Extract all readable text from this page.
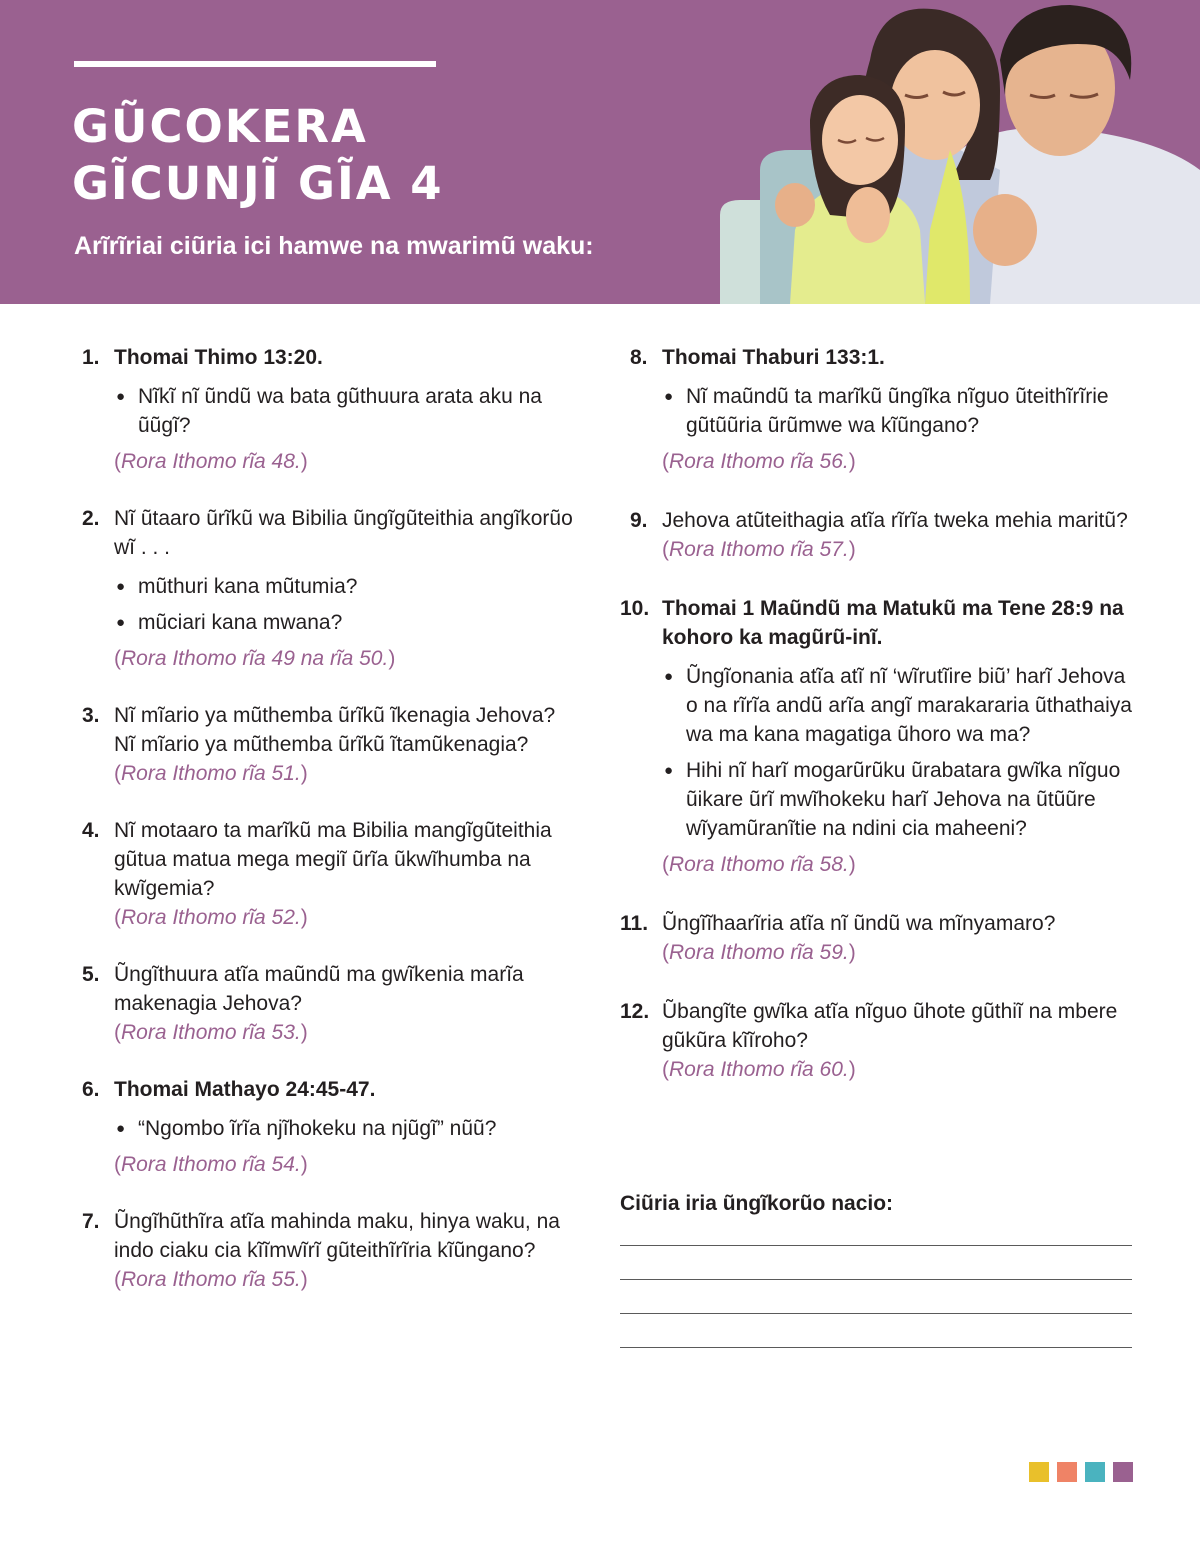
GŨCOKERA
GĨCUNJĨ GĨA 4
Arĩrĩriai ciũria ici hamwe na mwarimũ waku:
1. Thomai Thimo 13:20.
● Nĩkĩ nĩ ũndũ wa bata gũthuura arata aku na ũũgĩ?
(Rora Ithomo rĩa 48.)
2. Nĩ ũtaaro ũrĩkũ wa Bibilia ũngĩgũteithia angĩkorũo wĩ . . .
● mũthuri kana mũtumia?
● mũciari kana mwana?
(Rora Ithomo rĩa 49 na rĩa 50.)
3. Nĩ mĩario ya mũthemba ũrĩkũ ĩkenagia Jehova? Nĩ mĩario ya mũthemba ũrĩkũ ĩtamũkenagia?
(Rora Ithomo rĩa 51.)
4. Nĩ motaaro ta marĩkũ ma Bibilia mangĩgũteithia gũtua matua mega megiĩ ũrĩa ũkwĩhumba na kwĩgemia?
(Rora Ithomo rĩa 52.)
5. Ũngĩthuura atĩa maũndũ ma gwĩkenia marĩa makenagia Jehova?
(Rora Ithomo rĩa 53.)
6. Thomai Mathayo 24:45-47.
● “Ngombo ĩrĩa njĩhokeku na njũgĩ” nũũ?
(Rora Ithomo rĩa 54.)
7. Ũngĩhũthĩra atĩa mahinda maku, hinya waku, na indo ciaku cia kĩĩmwĩrĩ gũteithĩrĩria kĩũngano?
(Rora Ithomo rĩa 55.)
8. Thomai Thaburi 133:1.
● Nĩ maũndũ ta marĩkũ ũngĩka nĩguo ũteithĩrĩrie gũtũũria ũrũmwe wa kĩũngano?
(Rora Ithomo rĩa 56.)
9. Jehova atũteithagia atĩa rĩrĩa tweka mehia maritũ?
(Rora Ithomo rĩa 57.)
10. Thomai 1 Maũndũ ma Matukũ ma Tene 28:9 na kohoro ka magũrũ-inĩ.
● Ũngĩonania atĩa atĩ nĩ ‘wĩrutĩire biũ’ harĩ Jehova o na rĩrĩa andũ arĩa angĩ marakararia ũthathaiya wa ma kana magatiga ũhoro wa ma?
● Hihi nĩ harĩ mogarũrũku ũrabatara gwĩka nĩguo ũikare ũrĩ mwĩhokeku harĩ Jehova na ũtũũre wĩyamũranĩtie na ndini cia maheeni?
(Rora Ithomo rĩa 58.)
11. Ũngĩĩhaarĩria atĩa nĩ ũndũ wa mĩnyamaro?
(Rora Ithomo rĩa 59.)
12. Ũbangĩte gwĩka atĩa nĩguo ũhote gũthiĩ na mbere gũkũra kĩĩroho?
(Rora Ithomo rĩa 60.)
Ciũria iria ũngĩkorũo nacio:
